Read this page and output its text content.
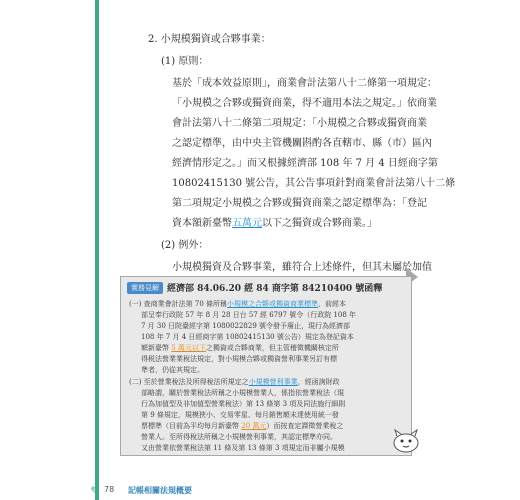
2. 小規模獨資或合夥事業：
(1) 原則：
基於「成本效益原則」，商業會計法第八十二條第一項規定：
「小規模之合夥或獨資商業，得不適用本法之規定。」依商業
會計法第八十二條第二項規定：「小規模之合夥或獨資商業
之認定標準，由中央主管機關斟酌各直轄市、縣（市）區內
經濟情形定之。」而又根據經濟部 108 年 7 月 4 日經商字第
10802415130 號公告，其公告事項針對商業會計法第八十二條
第二項規定小規模之合夥或獨資商業之認定標準為：「登記
資本額新臺幣五萬元以下之獨資或合夥商業。」
(2) 例外：
小規模獨資及合夥事業，雖符合上述條件，但其未屬於加值
實務見解 經濟部 84.06.20 經 84 商字第 84210400 號函釋
(一) 查商業會計法第 70 條所稱小規模之合夥或獨資商業標準，前經本
部呈奉行政院 57 年 8 月 28 日台 57 經 6797 號令（行政院 108 年
7 月 30 日院臺經字第 1080022829 號令發予廢止，現行為經濟部
108 年 7 月 4 日經商字第 10802415130 號公告）規定為登記資本
額新臺幣 5 萬元以下之獨資或合夥商業，但主管稽徵機關核定所
得税法營業業稅法規定，對小規模合夥或獨資營利事業另訂有標
準者，仍從其規定。
(二) 至於營業稅法及所得稅法所規定之小規模營利事業，經函詢財政
部略謂，關於營業稅法所稱之小規模營業人，係指依營業稅法（現
行為加值型及非加值型營業稅法）第 13 條第 3 項及同法施行細則
第 9 條規定，規模狹小、交易零星、每月銷售額未達使用統一發
票標準（目前為平均每月新臺幣 20 萬元）而按查定課徵營業稅之
營業人。至所得稅法所稱之小規模營利事業，其認定標準亦同。
又由營業依營業稅法第 11 條及第 13 條第 3 項規定而非屬小規模
✎ 78 記帳相關法規概要
